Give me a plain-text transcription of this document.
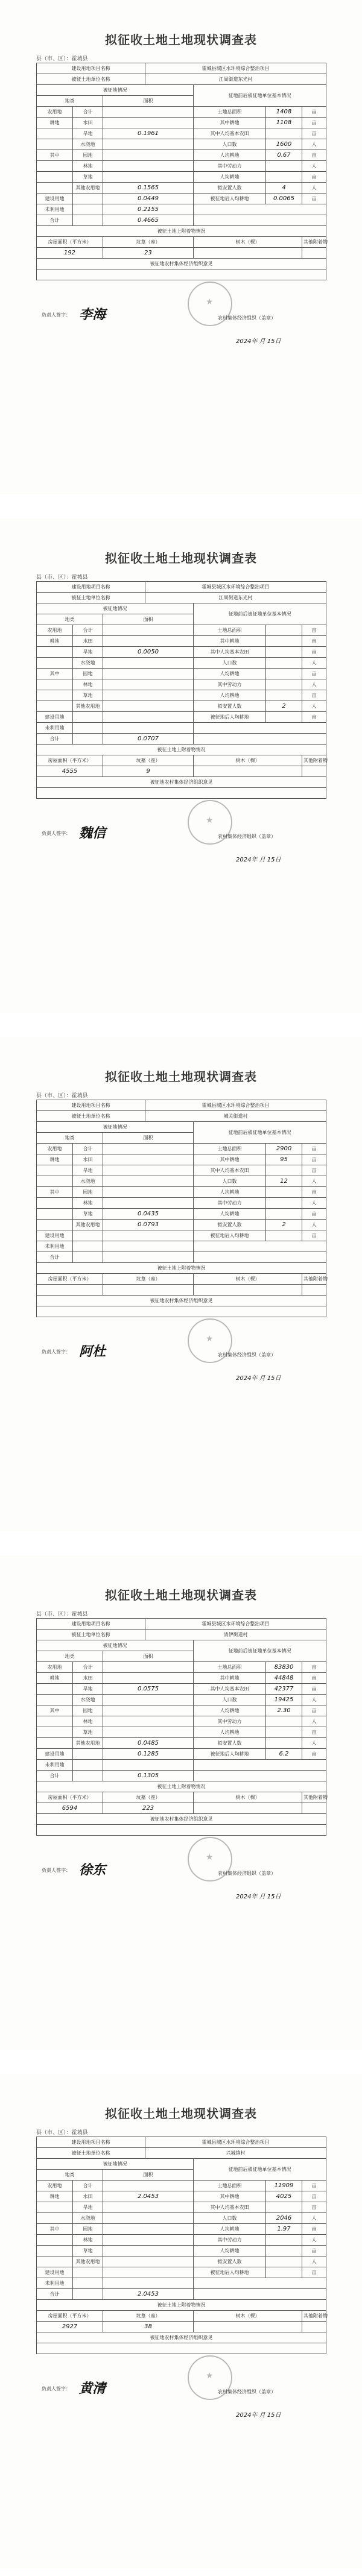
拟征收土地土地现状调查表
县（市、区）：霍城县
建设用地项目名称			霍城县城区水环境综合整治项目			
被征土地单位名称			江周街道东光村			
被征地情况				征地前后被征地单位基本情况		
地类		面积				
农用地	合计			土地总面积	1408	亩
耕地	水田			其中耕地	1108	亩
	旱地	0.1961		其中人均基本农田		亩
	水浇地			人口数	1600	人
其中	园地			人均耕地	0.67	亩
	林地			其中劳动力		人
	草地			人均耕地		亩
	其他农用地	0.1565		拟安置人数	4	人
建设用地		0.0449		被征地后人均耕地	0.0065	亩
未利用地		0.2155				
合计		0.4665				
被征土地上附着物情况						
房屋面积（平方米）		坟墓（座）		树木（棵）		其他附着物
192		23				
被征地农村集体经济组织意见						

负责人签字： 李海 ★ 农村集体经济组织（盖章）
2024年 月 15日
拟征收土地土地现状调查表
县（市、区）：霍城县
建设用地项目名称			霍城县城区水环境综合整治项目			
被征土地单位名称			江周街道东光村			
被征地情况				征地前后被征地单位基本情况		
地类		面积				
农用地	合计			土地总面积		亩
耕地	水田			其中耕地		亩
	旱地	0.0050		其中人均基本农田		亩
	水浇地			人口数		人
其中	园地			人均耕地		亩
	林地			其中劳动力		人
	草地			人均耕地		亩
	其他农用地			拟安置人数	2	人
建设用地				被征地后人均耕地		亩
未利用地						
合计		0.0707				
被征土地上附着物情况						
房屋面积（平方米）		坟墓（座）		树木（棵）		其他附着物
4555		9				
被征地农村集体经济组织意见						

负责人签字： 魏信 ★ 农村集体经济组织（盖章）
2024年 月 15日
拟征收土地土地现状调查表
县（市、区）：霍城县
建设用地项目名称			霍城县城区水环境综合整治项目			
被征土地单位名称			城关街道村			
被征地情况				征地前后被征地单位基本情况		
地类		面积				
农用地	合计			土地总面积	2900	亩
耕地	水田			其中耕地	95	亩
	旱地			其中人均基本农田		亩
	水浇地			人口数	12	人
其中	园地			人均耕地		亩
	林地			其中劳动力		人
	草地	0.0435		人均耕地		亩
	其他农用地	0.0793		拟安置人数	2	人
建设用地				被征地后人均耕地		亩
未利用地						
合计						
被征土地上附着物情况						
房屋面积（平方米）		坟墓（座）		树木（棵）		其他附着物

被征地农村集体经济组织意见						

负责人签字： 阿杜 ★ 农村集体经济组织（盖章）
2024年 月 15日
拟征收土地土地现状调查表
县（市、区）：霍城县
建设用地项目名称			霍城县城区水环境综合整治项目			
被征土地单位名称			清伊街道村			
被征地情况				征地前后被征地单位基本情况		
地类		面积				
农用地	合计			土地总面积	83830	亩
耕地	水田			其中耕地	44848	亩
	旱地	0.0575		其中人均基本农田	42377	亩
	水浇地			人口数	19425	人
其中	园地			人均耕地	2.30	亩
	林地			其中劳动力		人
	草地			人均耕地		亩
	其他农用地	0.0485		拟安置人数		人
建设用地		0.1285		被征地后人均耕地	6.2	亩
未利用地						
合计		0.1305				
被征土地上附着物情况						
房屋面积（平方米）		坟墓（座）		树木（棵）		其他附着物
6594		223				
被征地农村集体经济组织意见						

负责人签字： 徐东 ★ 农村集体经济组织（盖章）
2024年 月 15日
拟征收土地土地现状调查表
县（市、区）：霍城县
建设用地项目名称			霍城县城区水环境综合整治项目			
被征土地单位名称			兴城镇村			
被征地情况				征地前后被征地单位基本情况		
地类		面积				
农用地	合计			土地总面积	11909	亩
耕地	水田	2.0453		其中耕地	4025	亩
	旱地			其中人均基本农田		亩
	水浇地			人口数	2046	人
其中	园地			人均耕地	1.97	亩
	林地			其中劳动力		人
	草地			人均耕地		亩
	其他农用地			拟安置人数		人
建设用地				被征地后人均耕地		亩
未利用地						
合计		2.0453				
被征土地上附着物情况						
房屋面积（平方米）		坟墓（座）		树木（棵）		其他附着物
2927		38				
被征地农村集体经济组织意见						

负责人签字： 黄清 ★ 农村集体经济组织（盖章）
2024年 月 15日
